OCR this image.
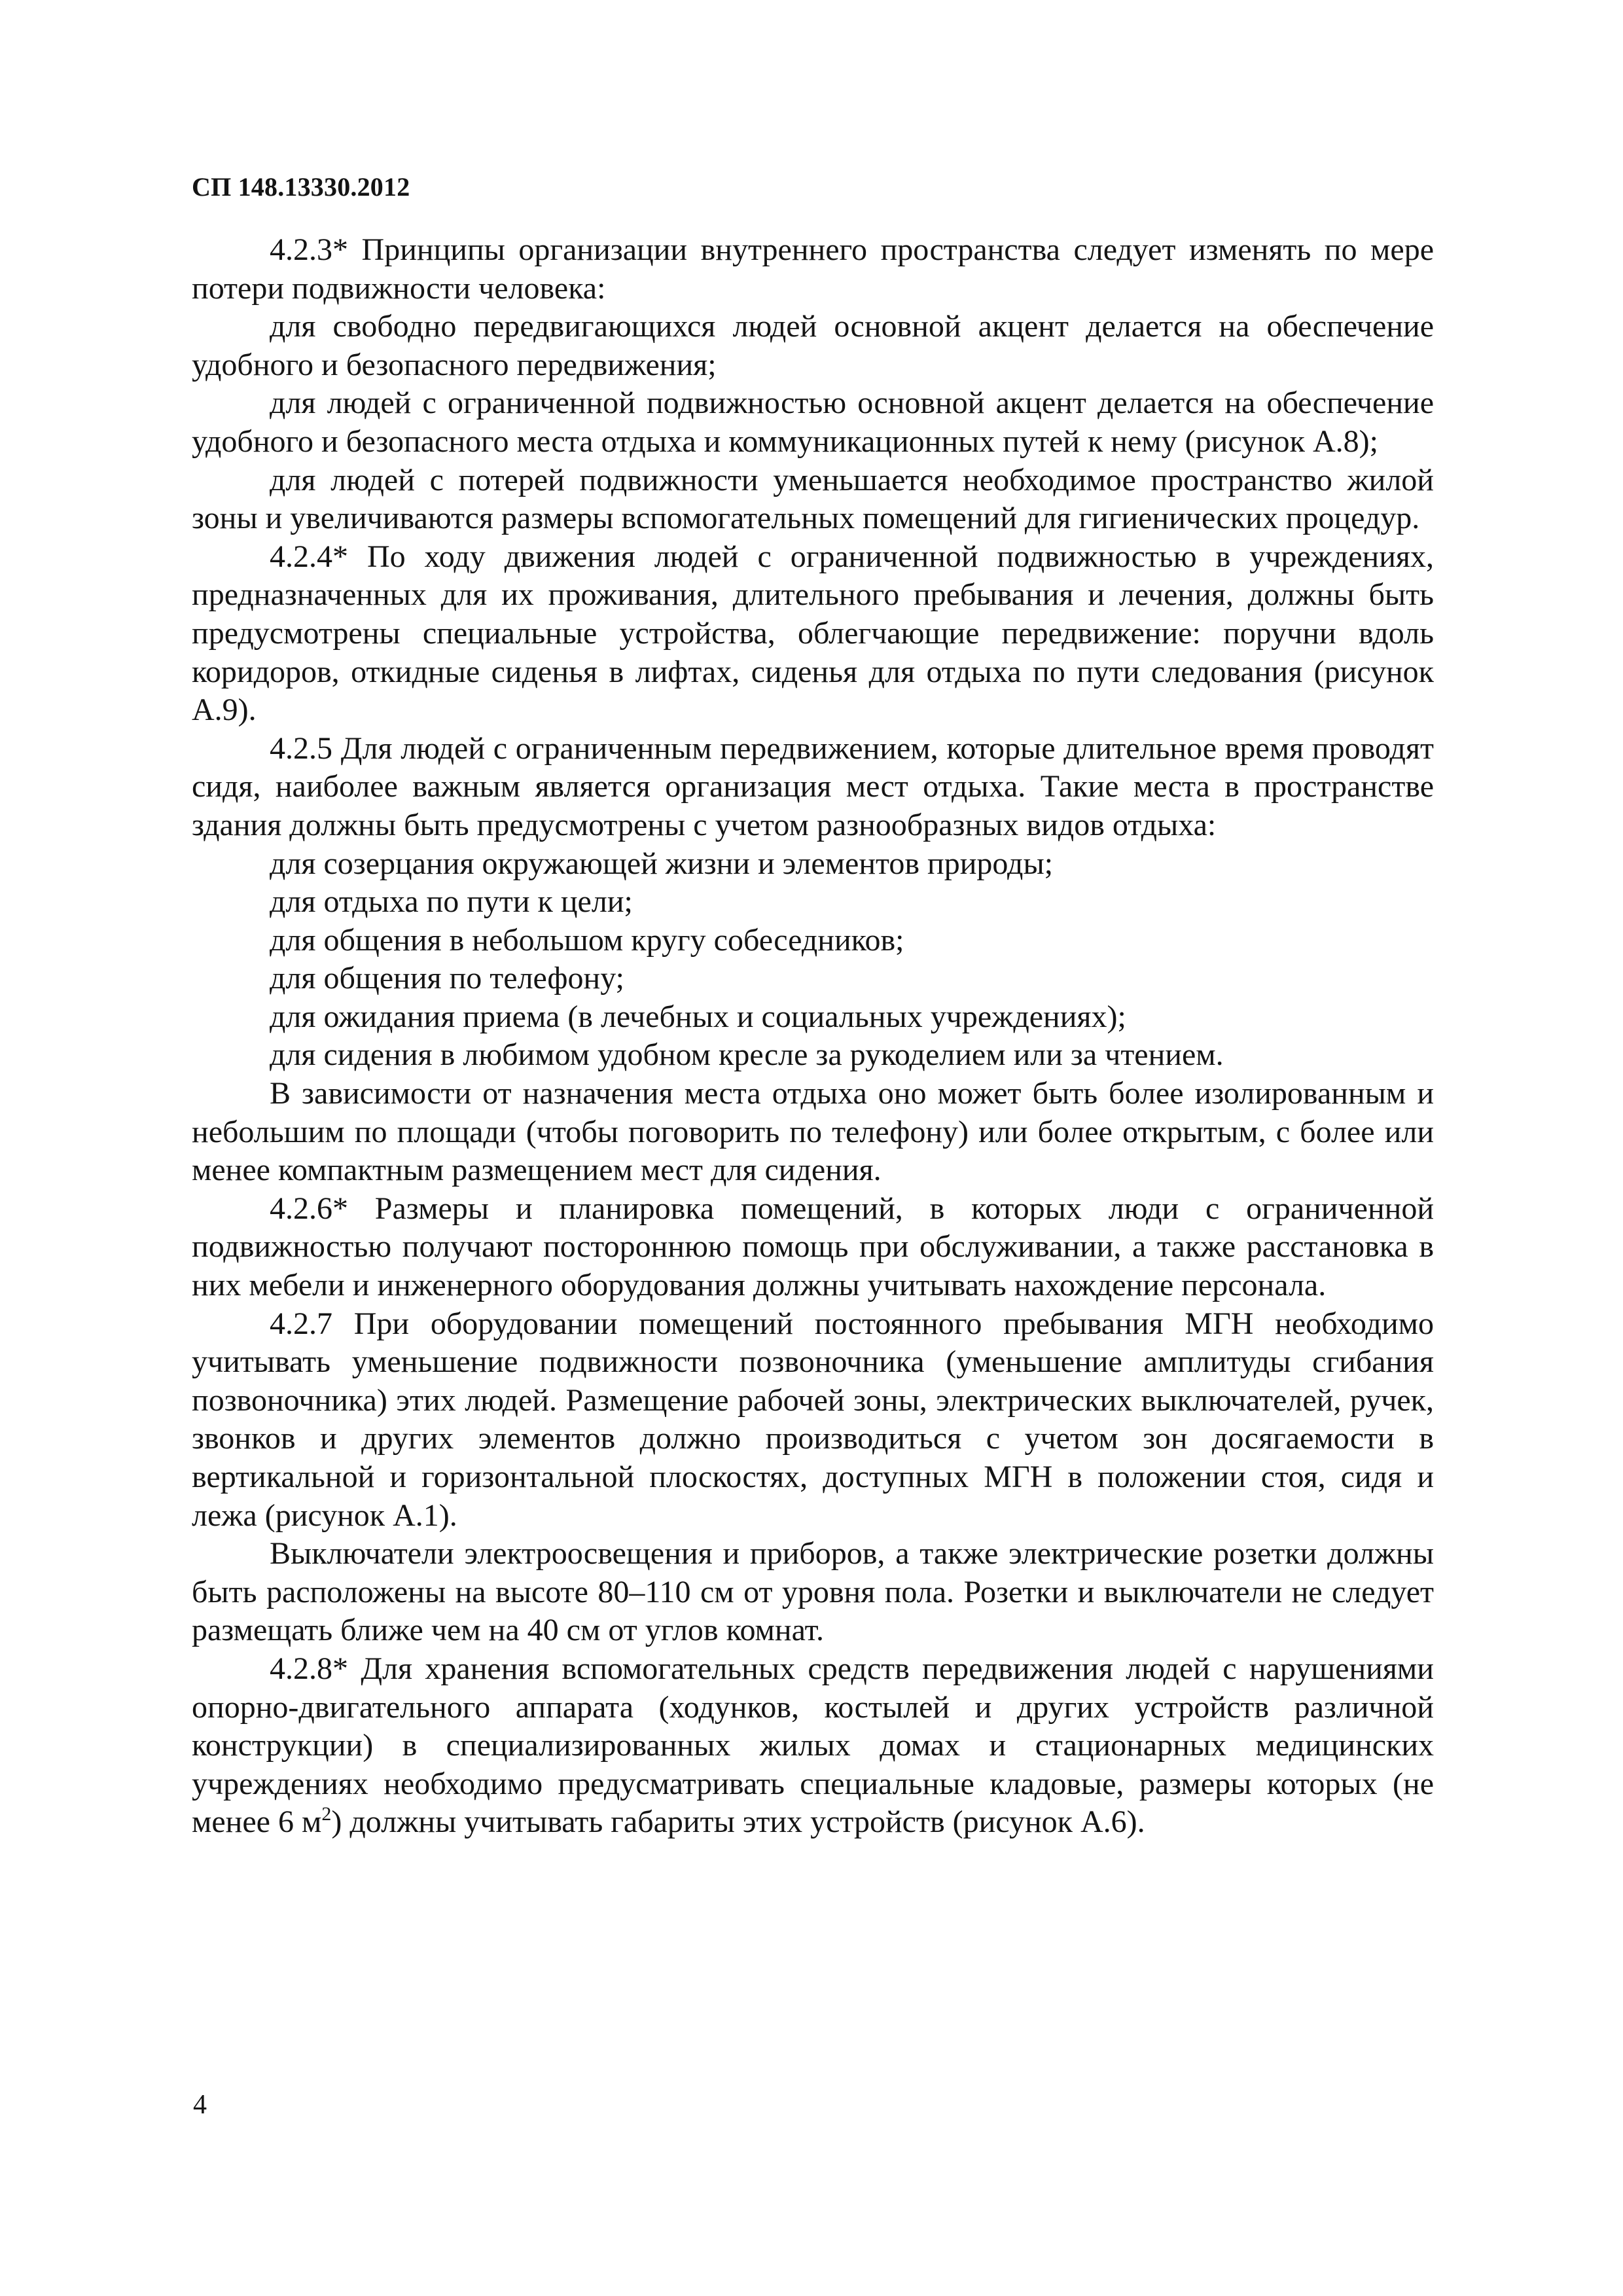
СП 148.13330.2012

4.2.3* Принципы организации внутреннего пространства следует изменять по мере потери подвижности человека:

для свободно передвигающихся людей основной акцент делается на обеспечение удобного и безопасного передвижения;

для людей с ограниченной подвижностью основной акцент делается на обеспечение удобного и безопасного места отдыха и коммуникационных путей к нему (рисунок А.8);

для людей с потерей подвижности уменьшается необходимое пространство жилой зоны и увеличиваются размеры вспомогательных помещений для гигиенических процедур.

4.2.4* По ходу движения людей с ограниченной подвижностью в учреждениях, предназначенных для их проживания, длительного пребывания и лечения, должны быть предусмотрены специальные устройства, облегчающие передвижение: поручни вдоль коридоров, откидные сиденья в лифтах, сиденья для отдыха по пути следования (рисунок А.9).

4.2.5 Для людей с ограниченным передвижением, которые длительное время проводят сидя, наиболее важным является организация мест отдыха. Такие места в пространстве здания должны быть предусмотрены с учетом разнообразных видов отдыха:

для созерцания окружающей жизни и элементов природы;

для отдыха по пути к цели;

для общения в небольшом кругу собеседников;

для общения по телефону;

для ожидания приема (в лечебных и социальных учреждениях);

для сидения в любимом удобном кресле за рукоделием или за чтением.

В зависимости от назначения места отдыха оно может быть более изолированным и небольшим по площади (чтобы поговорить по телефону) или более открытым, с более или менее компактным размещением мест для сидения.

4.2.6* Размеры и планировка помещений, в которых люди с ограниченной подвижностью получают постороннюю помощь при обслуживании, а также расстановка в них мебели и инженерного оборудования должны учитывать нахождение персонала.

4.2.7 При оборудовании помещений постоянного пребывания МГН необходимо учитывать уменьшение подвижности позвоночника (уменьшение амплитуды сгибания позвоночника) этих людей. Размещение рабочей зоны, электрических выключателей, ручек, звонков и других элементов должно производиться с учетом зон досягаемости в вертикальной и горизонтальной плоскостях, доступных МГН в положении стоя, сидя и лежа (рисунок А.1).

Выключатели электроосвещения и приборов, а также электрические розетки должны быть расположены на высоте 80–110 см от уровня пола. Розетки и выключатели не следует размещать ближе чем на 40 см от углов комнат.

4.2.8* Для хранения вспомогательных средств передвижения людей с нарушениями опорно-двигательного аппарата (ходунков, костылей и других устройств различной конструкции) в специализированных жилых домах и стационарных медицинских учреждениях необходимо предусматривать специальные кладовые, размеры которых (не менее 6 $м^2$) должны учитывать габариты этих устройств (рисунок А.6).

4
